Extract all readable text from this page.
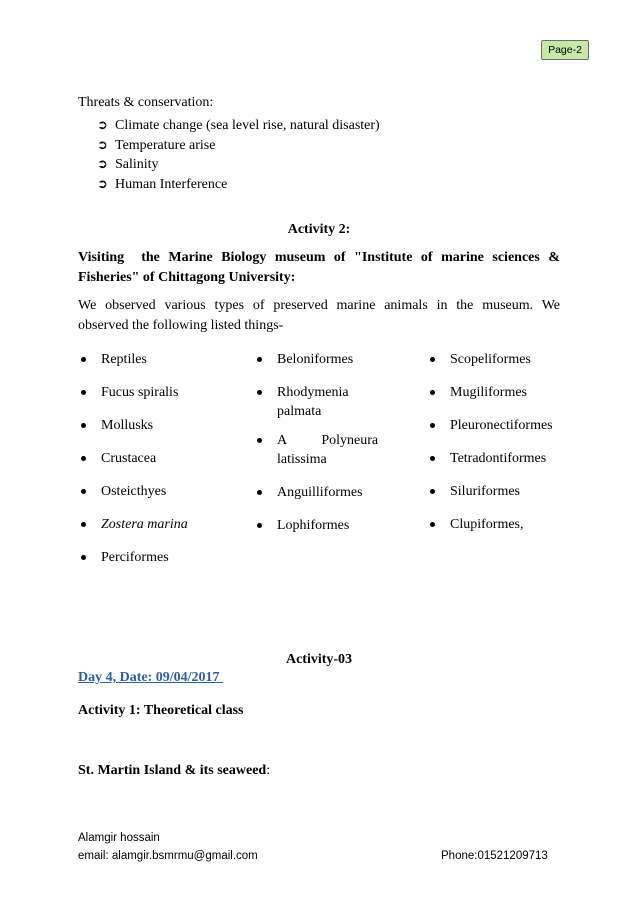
Page-2
Threats & conservation:
➲ Climate change (sea level rise, natural disaster)
➲ Temperature arise
➲ Salinity
➲ Human Interference
Activity 2:
Visiting  the Marine Biology museum of "Institute of marine sciences &
Fisheries" of Chittagong University:
We observed various types of preserved marine animals in the museum. We
observed the following listed things-
Reptiles
Fucus spiralis
Mollusks
Crustacea
Osteicthyes
Zostera marina
Perciformes
Beloniformes
Rhodymenia
palmata
A          Polyneura
latissima
Anguilliformes
Lophiformes
Scopeliformes
Mugiliformes
Pleuronectiformes
Tetradontiformes
Siluriformes
Clupiformes,
Activity-03
Day 4, Date: 09/04/2017
Activity 1: Theoretical class
St. Martin Island & its seaweed:
Alamgir hossain
email: alamgir.bsmrmu@gmail.com	Phone:01521209713
